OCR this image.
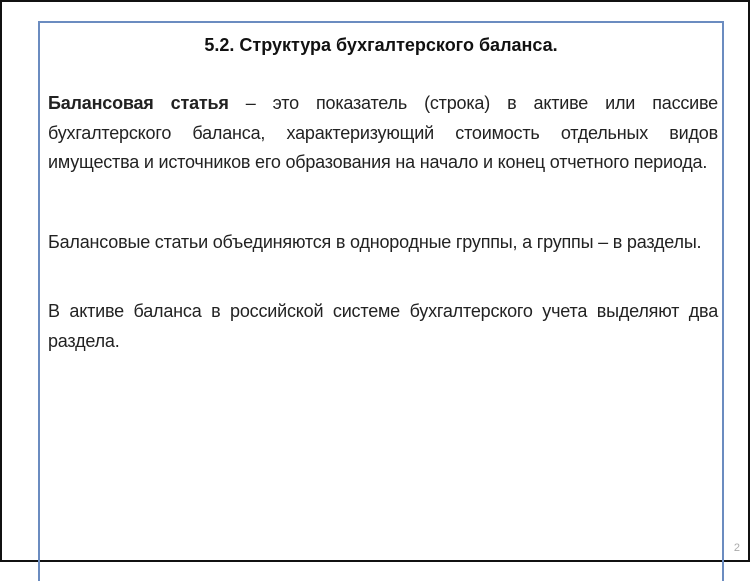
5.2. Структура бухгалтерского баланса.
Балансовая статья – это показатель (строка) в активе или пассиве бухгалтерского баланса, характеризующий стоимость отдельных видов имущества и источников его образования на начало и конец отчетного периода.
Балансовые статьи объединяются в однородные группы, а группы – в разделы.
В активе баланса в российской системе бухгалтерского учета выделяют два раздела.
2
